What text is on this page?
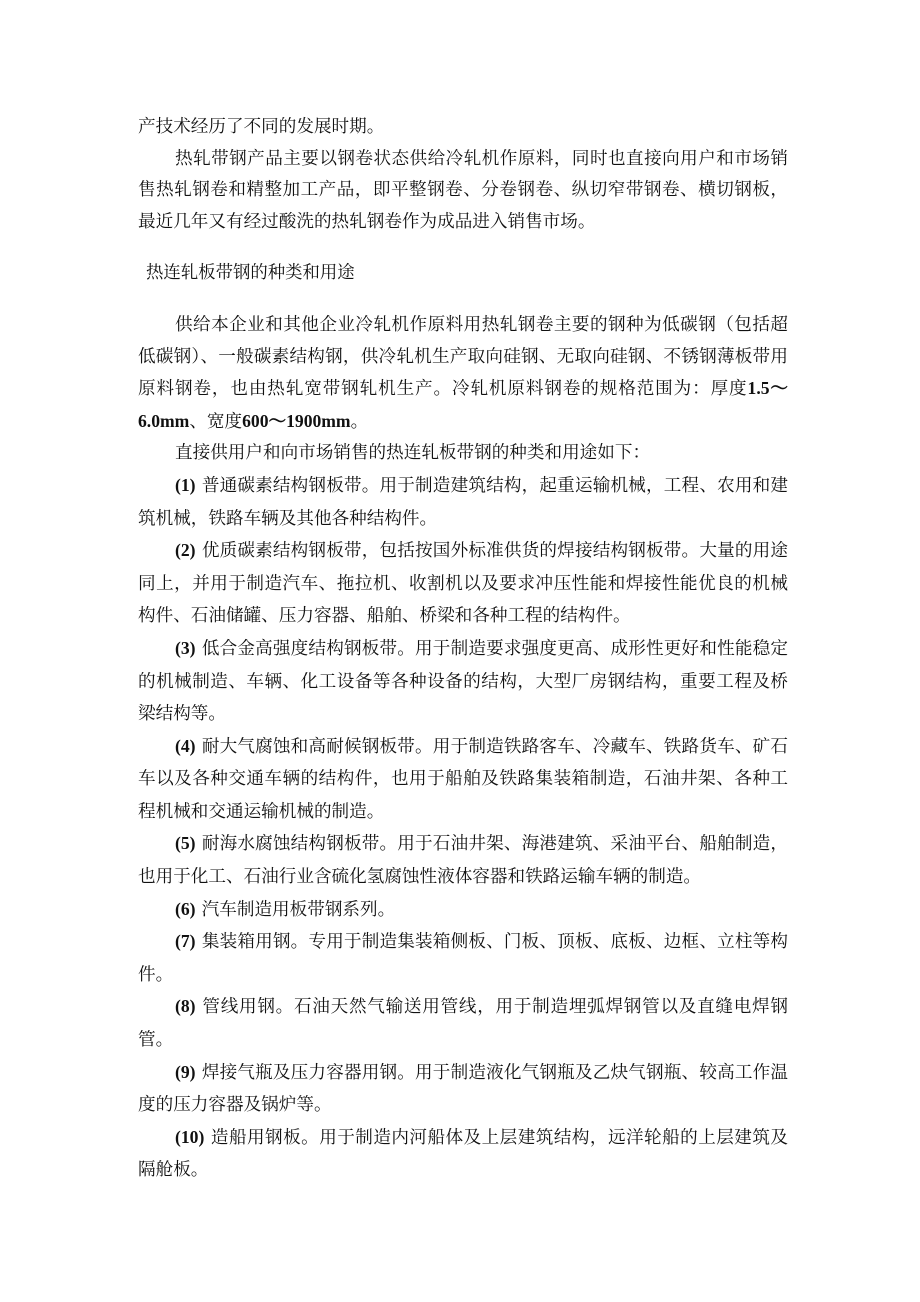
产技术经历了不同的发展时期。

热轧带钢产品主要以钢卷状态供给冷轧机作原料，同时也直接向用户和市场销售热轧钢卷和精整加工产品，即平整钢卷、分卷钢卷、纵切窄带钢卷、横切钢板，最近几年又有经过酸洗的热轧钢卷作为成品进入销售市场。

热连轧板带钢的种类和用途

供给本企业和其他企业冷轧机作原料用热轧钢卷主要的钢种为低碳钢（包括超低碳钢）、一般碳素结构钢，供冷轧机生产取向硅钢、无取向硅钢、不锈钢薄板带用原料钢卷，也由热轧宽带钢轧机生产。冷轧机原料钢卷的规格范围为：厚度1.5～6.0mm、宽度600～1900mm。

直接供用户和向市场销售的热连轧板带钢的种类和用途如下：

(1) 普通碳素结构钢板带。用于制造建筑结构，起重运输机械，工程、农用和建筑机械，铁路车辆及其他各种结构件。

(2) 优质碳素结构钢板带，包括按国外标准供货的焊接结构钢板带。大量的用途同上，并用于制造汽车、拖拉机、收割机以及要求冲压性能和焊接性能优良的机械构件、石油储罐、压力容器、船舶、桥梁和各种工程的结构件。

(3) 低合金高强度结构钢板带。用于制造要求强度更高、成形性更好和性能稳定的机械制造、车辆、化工设备等各种设备的结构，大型厂房钢结构，重要工程及桥梁结构等。

(4) 耐大气腐蚀和高耐候钢板带。用于制造铁路客车、冷藏车、铁路货车、矿石车以及各种交通车辆的结构件，也用于船舶及铁路集装箱制造，石油井架、各种工程机械和交通运输机械的制造。

(5) 耐海水腐蚀结构钢板带。用于石油井架、海港建筑、采油平台、船舶制造，也用于化工、石油行业含硫化氢腐蚀性液体容器和铁路运输车辆的制造。

(6) 汽车制造用板带钢系列。

(7) 集装箱用钢。专用于制造集装箱侧板、门板、顶板、底板、边框、立柱等构件。

(8) 管线用钢。石油天然气输送用管线，用于制造埋弧焊钢管以及直缝电焊钢管。

(9) 焊接气瓶及压力容器用钢。用于制造液化气钢瓶及乙炔气钢瓶、较高工作温度的压力容器及锅炉等。

(10) 造船用钢板。用于制造内河船体及上层建筑结构，远洋轮船的上层建筑及隔舱板。
